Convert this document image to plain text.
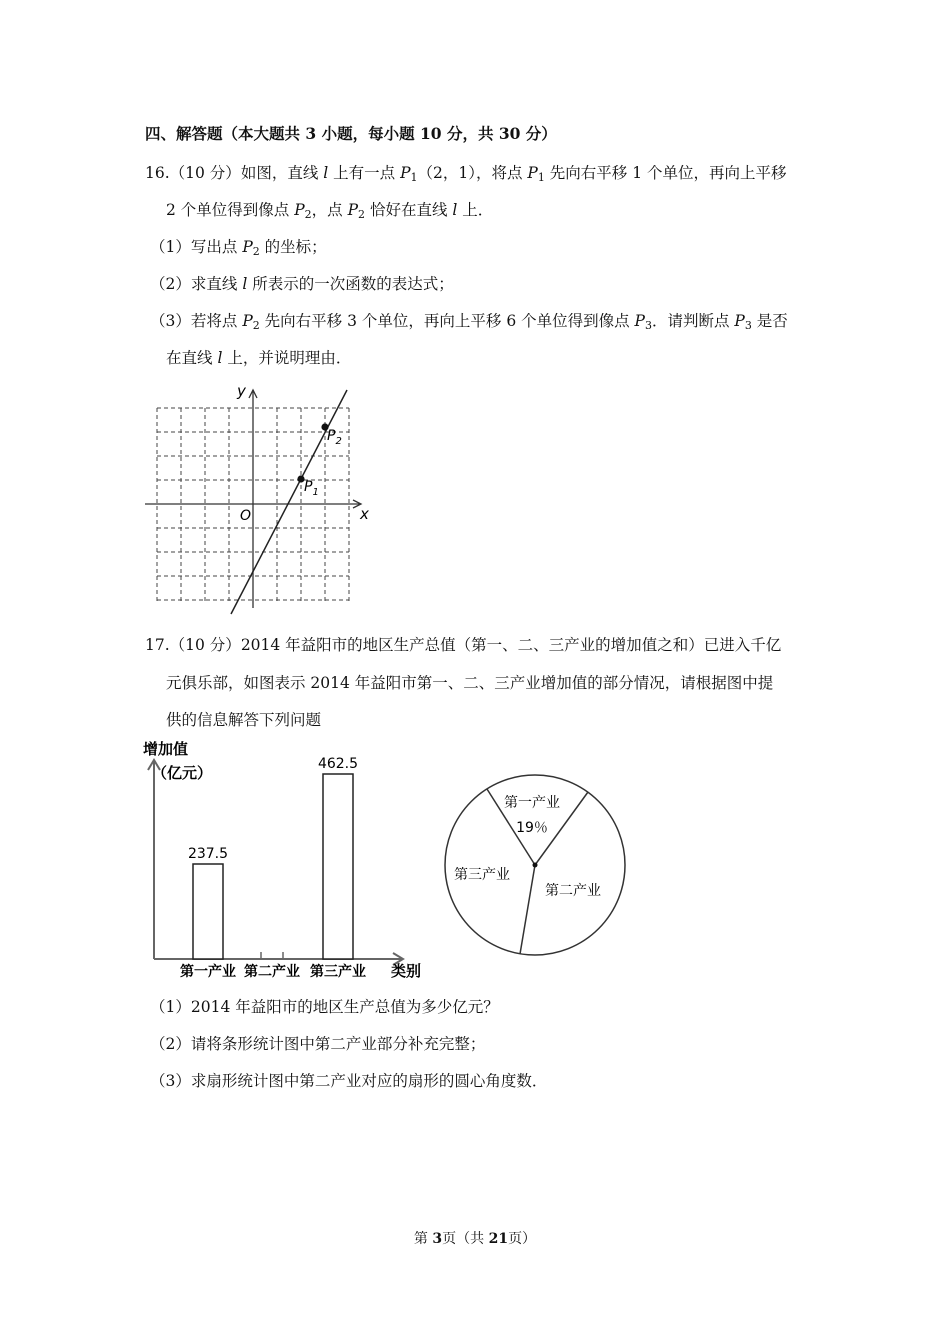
四、解答题（本大题共 3 小题，每小题 10 分，共 30 分）
16.（10 分）如图，直线 l 上有一点 $P_1(2$，1），将点 $P_1$ 先向右平移 1 个单位，再向上平移
2 个单位得到像点 $P_2$，点 $P_2$ 恰好在直线 l 上．
（1）写出点 $P_2$ 的坐标；
（2）求直线 l 所表示的一次函数的表达式；
（3）若将点 $P_2$ 先向右平移 3 个单位，再向上平移 6 个单位得到像点 $P_3$．请判断点 $P_3$ 是否
在直线 l 上，并说明理由．
y
x
O
$P_1$
$P_2$
17.（10 分）2014 年益阳市的地区生产总值（第一、二、三产业的增加值之和）已进入千亿
元俱乐部，如图表示 2014 年益阳市第一、二、三产业增加值的部分情况，请根据图中提
供的信息解答下列问题
增加值
（亿元）
237.5
第一产业 第二产业
462.5
第三产业 类别
第一产业
19％
第三产业
第二产业
（1）2014 年益阳市的地区生产总值为多少亿元？
（2）请将条形统计图中第二产业部分补充完整；
（3）求扇形统计图中第二产业对应的扇形的圆心角度数．
第 3页（共 21页）
